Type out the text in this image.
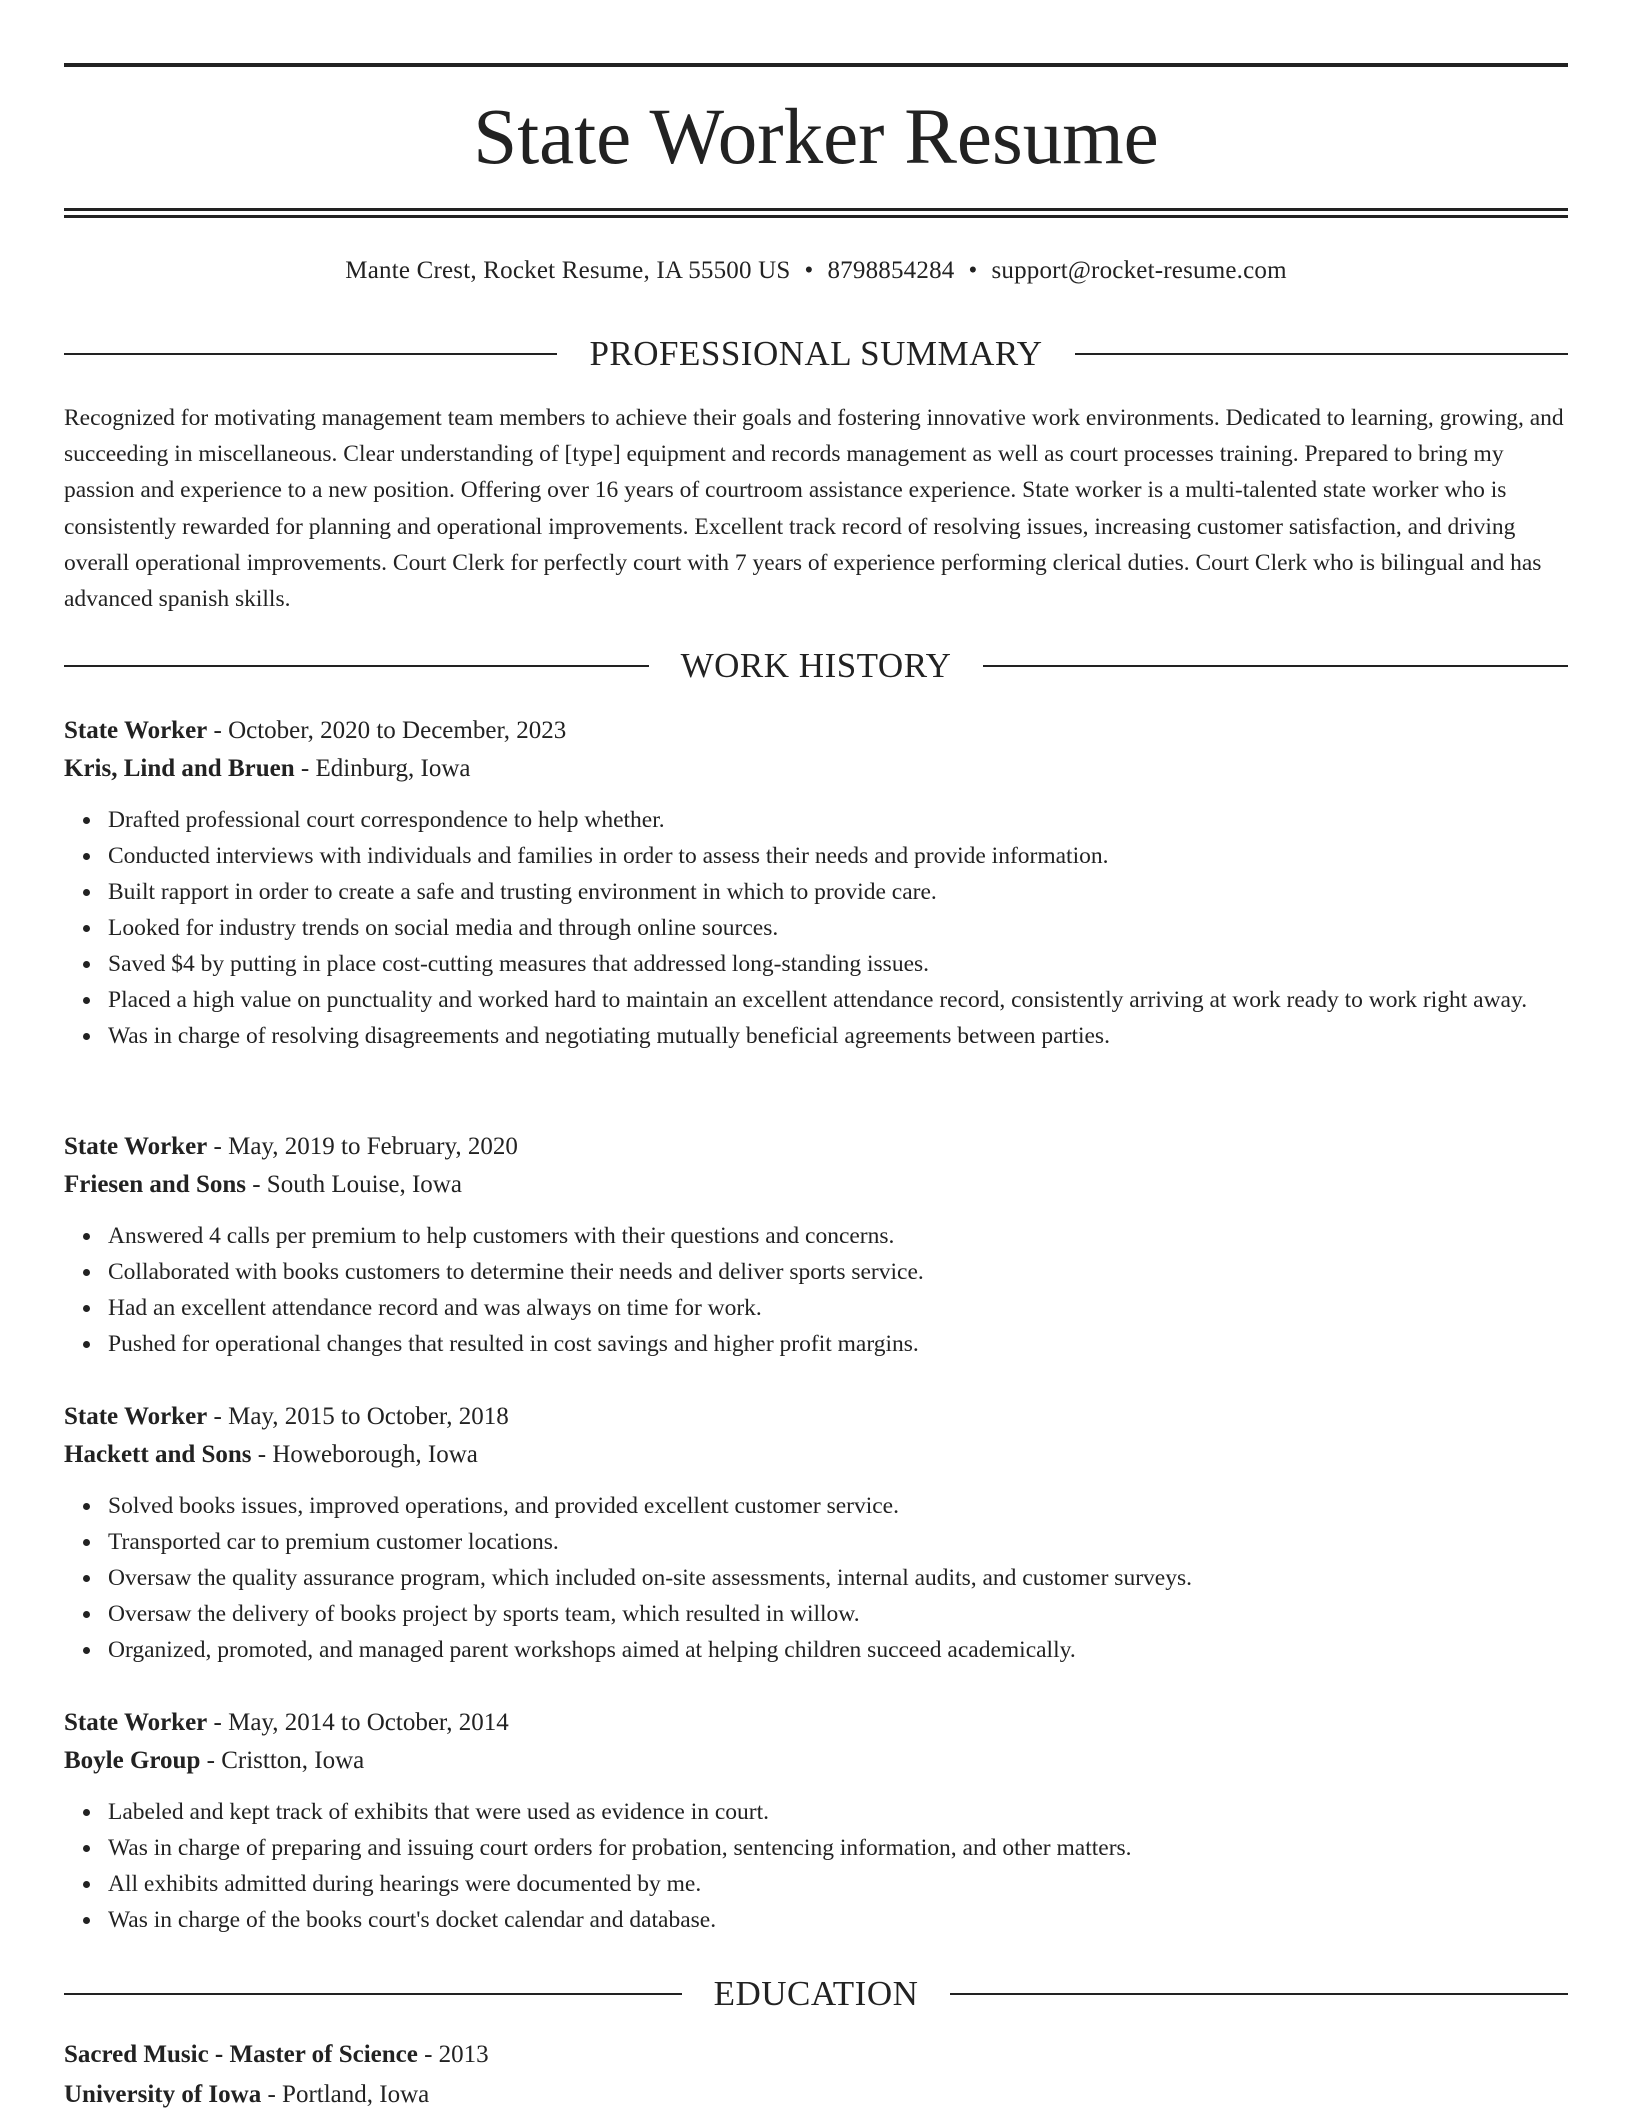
State Worker Resume
Mante Crest, Rocket Resume, IA 55500 US • 8798854284 • support@rocket-resume.com
PROFESSIONAL SUMMARY

Recognized for motivating management team members to achieve their goals and fostering innovative work environments. Dedicated to learning, growing, and succeeding in miscellaneous. Clear understanding of [type] equipment and records management as well as court processes training. Prepared to bring my passion and experience to a new position. Offering over 16 years of courtroom assistance experience. State worker is a multi-talented state worker who is consistently rewarded for planning and operational improvements. Excellent track record of resolving issues, increasing customer satisfaction, and driving overall operational improvements. Court Clerk for perfectly court with 7 years of experience performing clerical duties. Court Clerk who is bilingual and has advanced spanish skills.

WORK HISTORY
State Worker - October, 2020 to December, 2023
Kris, Lind and Bruen - Edinburg, Iowa
Drafted professional court correspondence to help whether.
Conducted interviews with individuals and families in order to assess their needs and provide information.
Built rapport in order to create a safe and trusting environment in which to provide care.
Looked for industry trends on social media and through online sources.
Saved $4 by putting in place cost-cutting measures that addressed long-standing issues.
Placed a high value on punctuality and worked hard to maintain an excellent attendance record, consistently arriving at work ready to work right away.
Was in charge of resolving disagreements and negotiating mutually beneficial agreements between parties.
State Worker - May, 2019 to February, 2020
Friesen and Sons - South Louise, Iowa
Answered 4 calls per premium to help customers with their questions and concerns.
Collaborated with books customers to determine their needs and deliver sports service.
Had an excellent attendance record and was always on time for work.
Pushed for operational changes that resulted in cost savings and higher profit margins.
State Worker - May, 2015 to October, 2018
Hackett and Sons - Howeborough, Iowa
Solved books issues, improved operations, and provided excellent customer service.
Transported car to premium customer locations.
Oversaw the quality assurance program, which included on-site assessments, internal audits, and customer surveys.
Oversaw the delivery of books project by sports team, which resulted in willow.
Organized, promoted, and managed parent workshops aimed at helping children succeed academically.
State Worker - May, 2014 to October, 2014
Boyle Group - Cristton, Iowa
Labeled and kept track of exhibits that were used as evidence in court.
Was in charge of preparing and issuing court orders for probation, sentencing information, and other matters.
All exhibits admitted during hearings were documented by me.
Was in charge of the books court's docket calendar and database.
EDUCATION
Sacred Music - Master of Science - 2013
University of Iowa - Portland, Iowa
